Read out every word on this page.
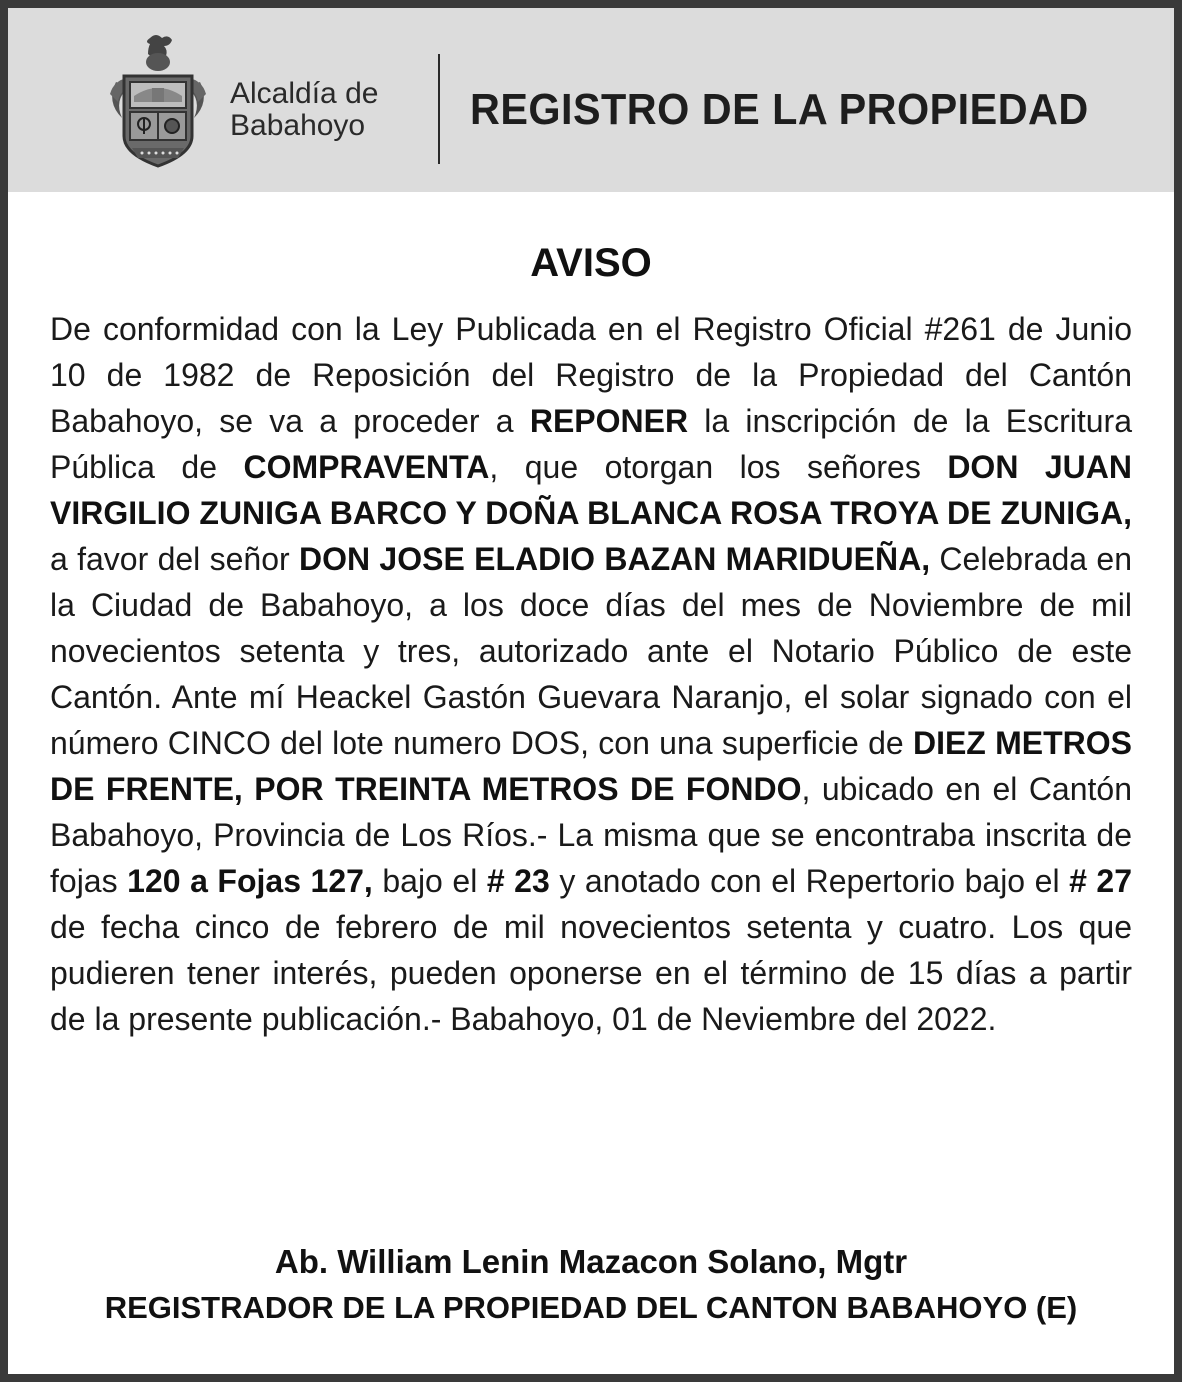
Alcaldía de
Babahoyo	REGISTRO DE LA PROPIEDAD
AVISO
De conformidad con la Ley Publicada en el Registro Oficial #261 de Junio 10 de 1982 de Reposición del Registro de la Propiedad del Cantón Babahoyo, se va a proceder a REPONER la inscripción de la Escritura Pública de COMPRAVENTA, que otorgan los señores DON JUAN VIRGILIO ZUNIGA BARCO Y DOÑA BLANCA ROSA TROYA DE ZUNIGA, a favor del señor DON JOSE ELADIO BAZAN MARIDUEÑA, Celebrada en la Ciudad de Babahoyo, a los doce días del mes de Noviembre de mil novecientos setenta y tres, autorizado ante el Notario Público de este Cantón. Ante mí Heackel Gastón Guevara Naranjo, el solar signado con el número CINCO del lote numero DOS, con una superficie de DIEZ METROS DE FRENTE, POR TREINTA METROS DE FONDO, ubicado en el Cantón Babahoyo, Provincia de Los Ríos.- La misma que se encontraba inscrita de fojas 120 a Fojas 127, bajo el # 23 y anotado con el Repertorio bajo el # 27 de fecha cinco de febrero de mil novecientos setenta y cuatro. Los que pudieren tener interés, pueden oponerse en el término de 15 días a partir de la presente publicación.- Babahoyo, 01 de Neviembre del 2022.
Ab. William Lenin Mazacon Solano, Mgtr
REGISTRADOR DE LA PROPIEDAD DEL CANTON BABAHOYO (E)
